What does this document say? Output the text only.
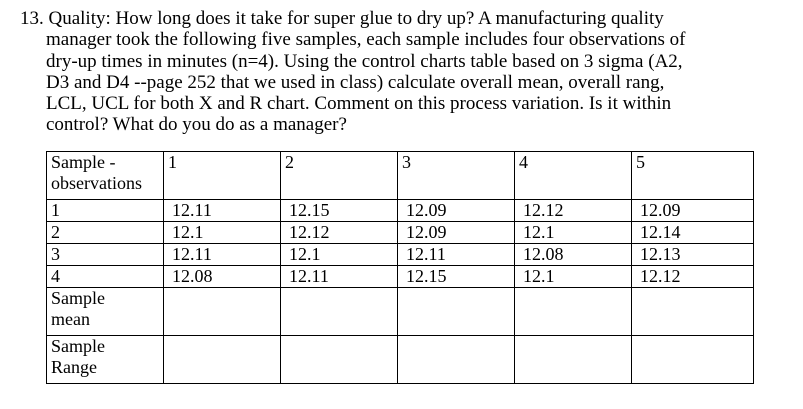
13. Quality: How long does it take for super glue to dry up? A manufacturing quality
manager took the following five samples, each sample includes four observations of
dry-up times in minutes (n=4). Using the control charts table based on 3 sigma (A2,
D3 and D4 --page 252 that we used in class) calculate overall mean, overall rang,
LCL, UCL for both X and R chart. Comment on this process variation. Is it within
control? What do you do as a manager?
Sample -
observations	1	2	3	4	5
1	12.11	12.15	12.09	12.12	12.09
2	12.1	12.12	12.09	12.1	12.14
3	12.11	12.1	12.11	12.08	12.13
4	12.08	12.11	12.15	12.1	12.12

Sample
mean					

Sample
Range					
